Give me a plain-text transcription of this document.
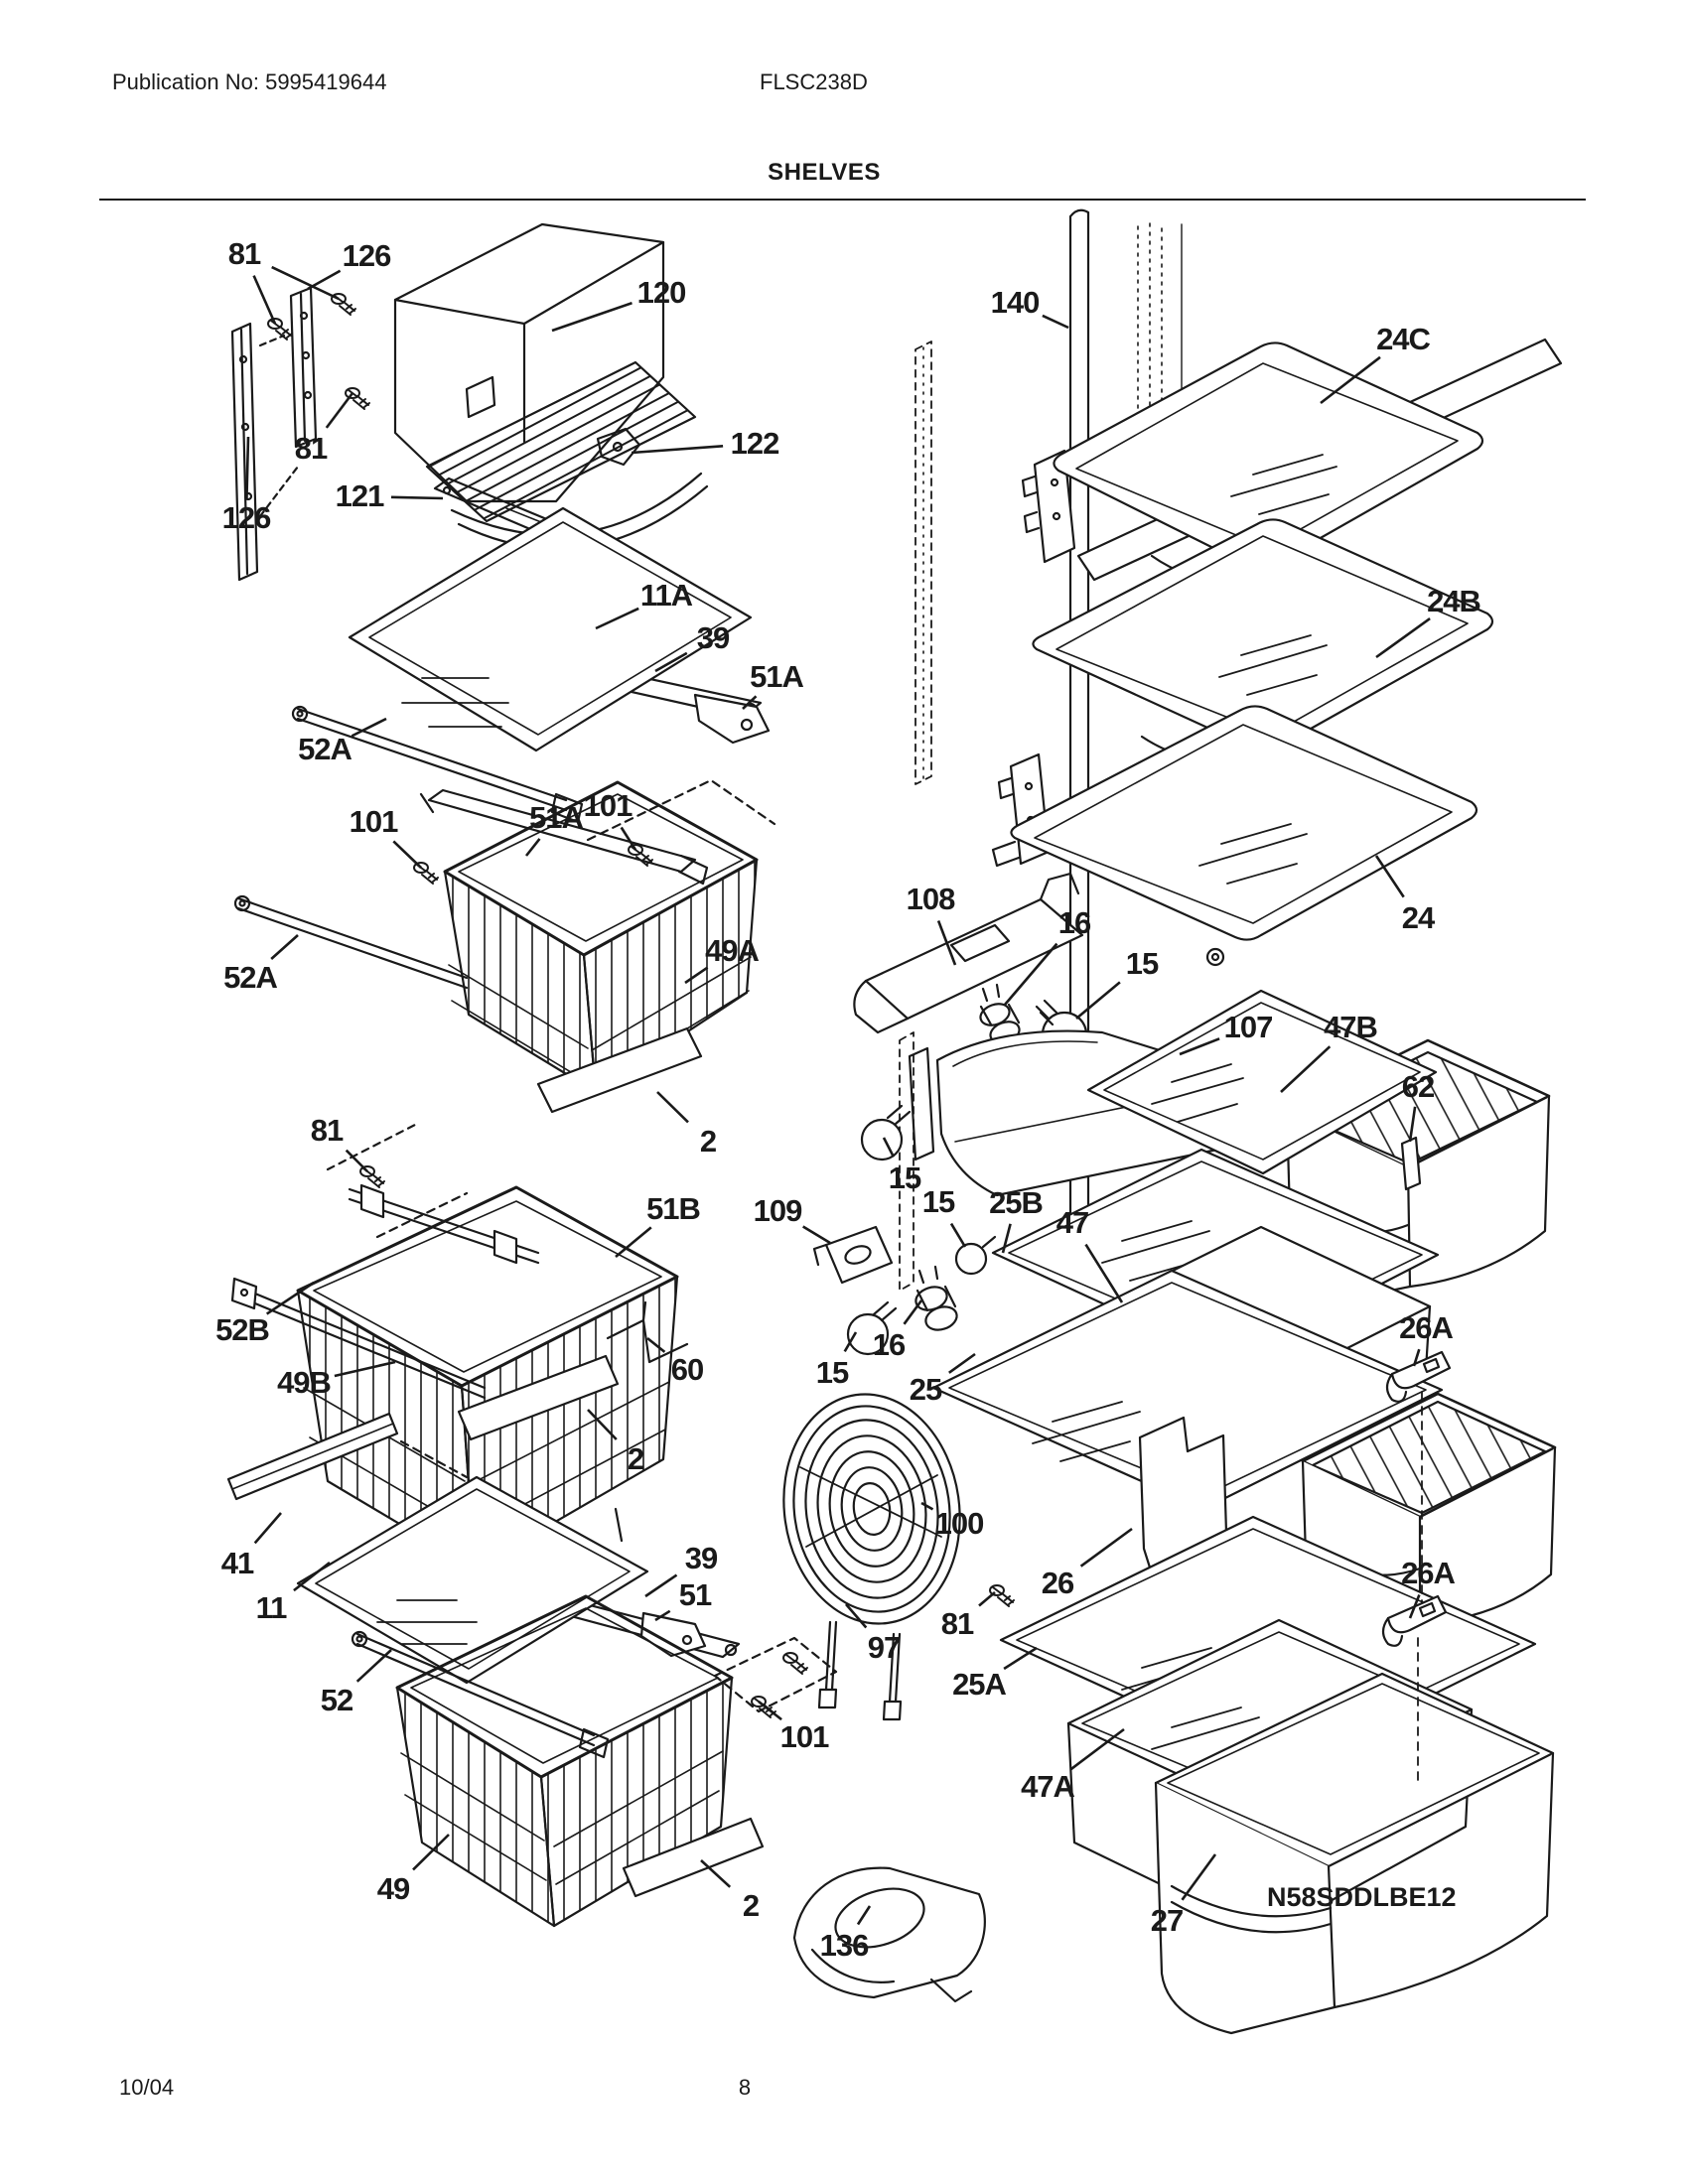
Publication No: 5995419644	FLSC238D
SHELVES
81	126
120
122
81
121
126
11A
39
51A
52A
101	51A 101
52A
49A
81	2
51B
52B
49B	60
2
41
11
39
51
52
101
49	2
136
140
24C
24B
24
108
16
15
107 47B
62
15
109	15 25B
47
16
15 25
26A
100
26
81
97
25A
26A
47A
27
N58SDDLBE12
10/04	8
